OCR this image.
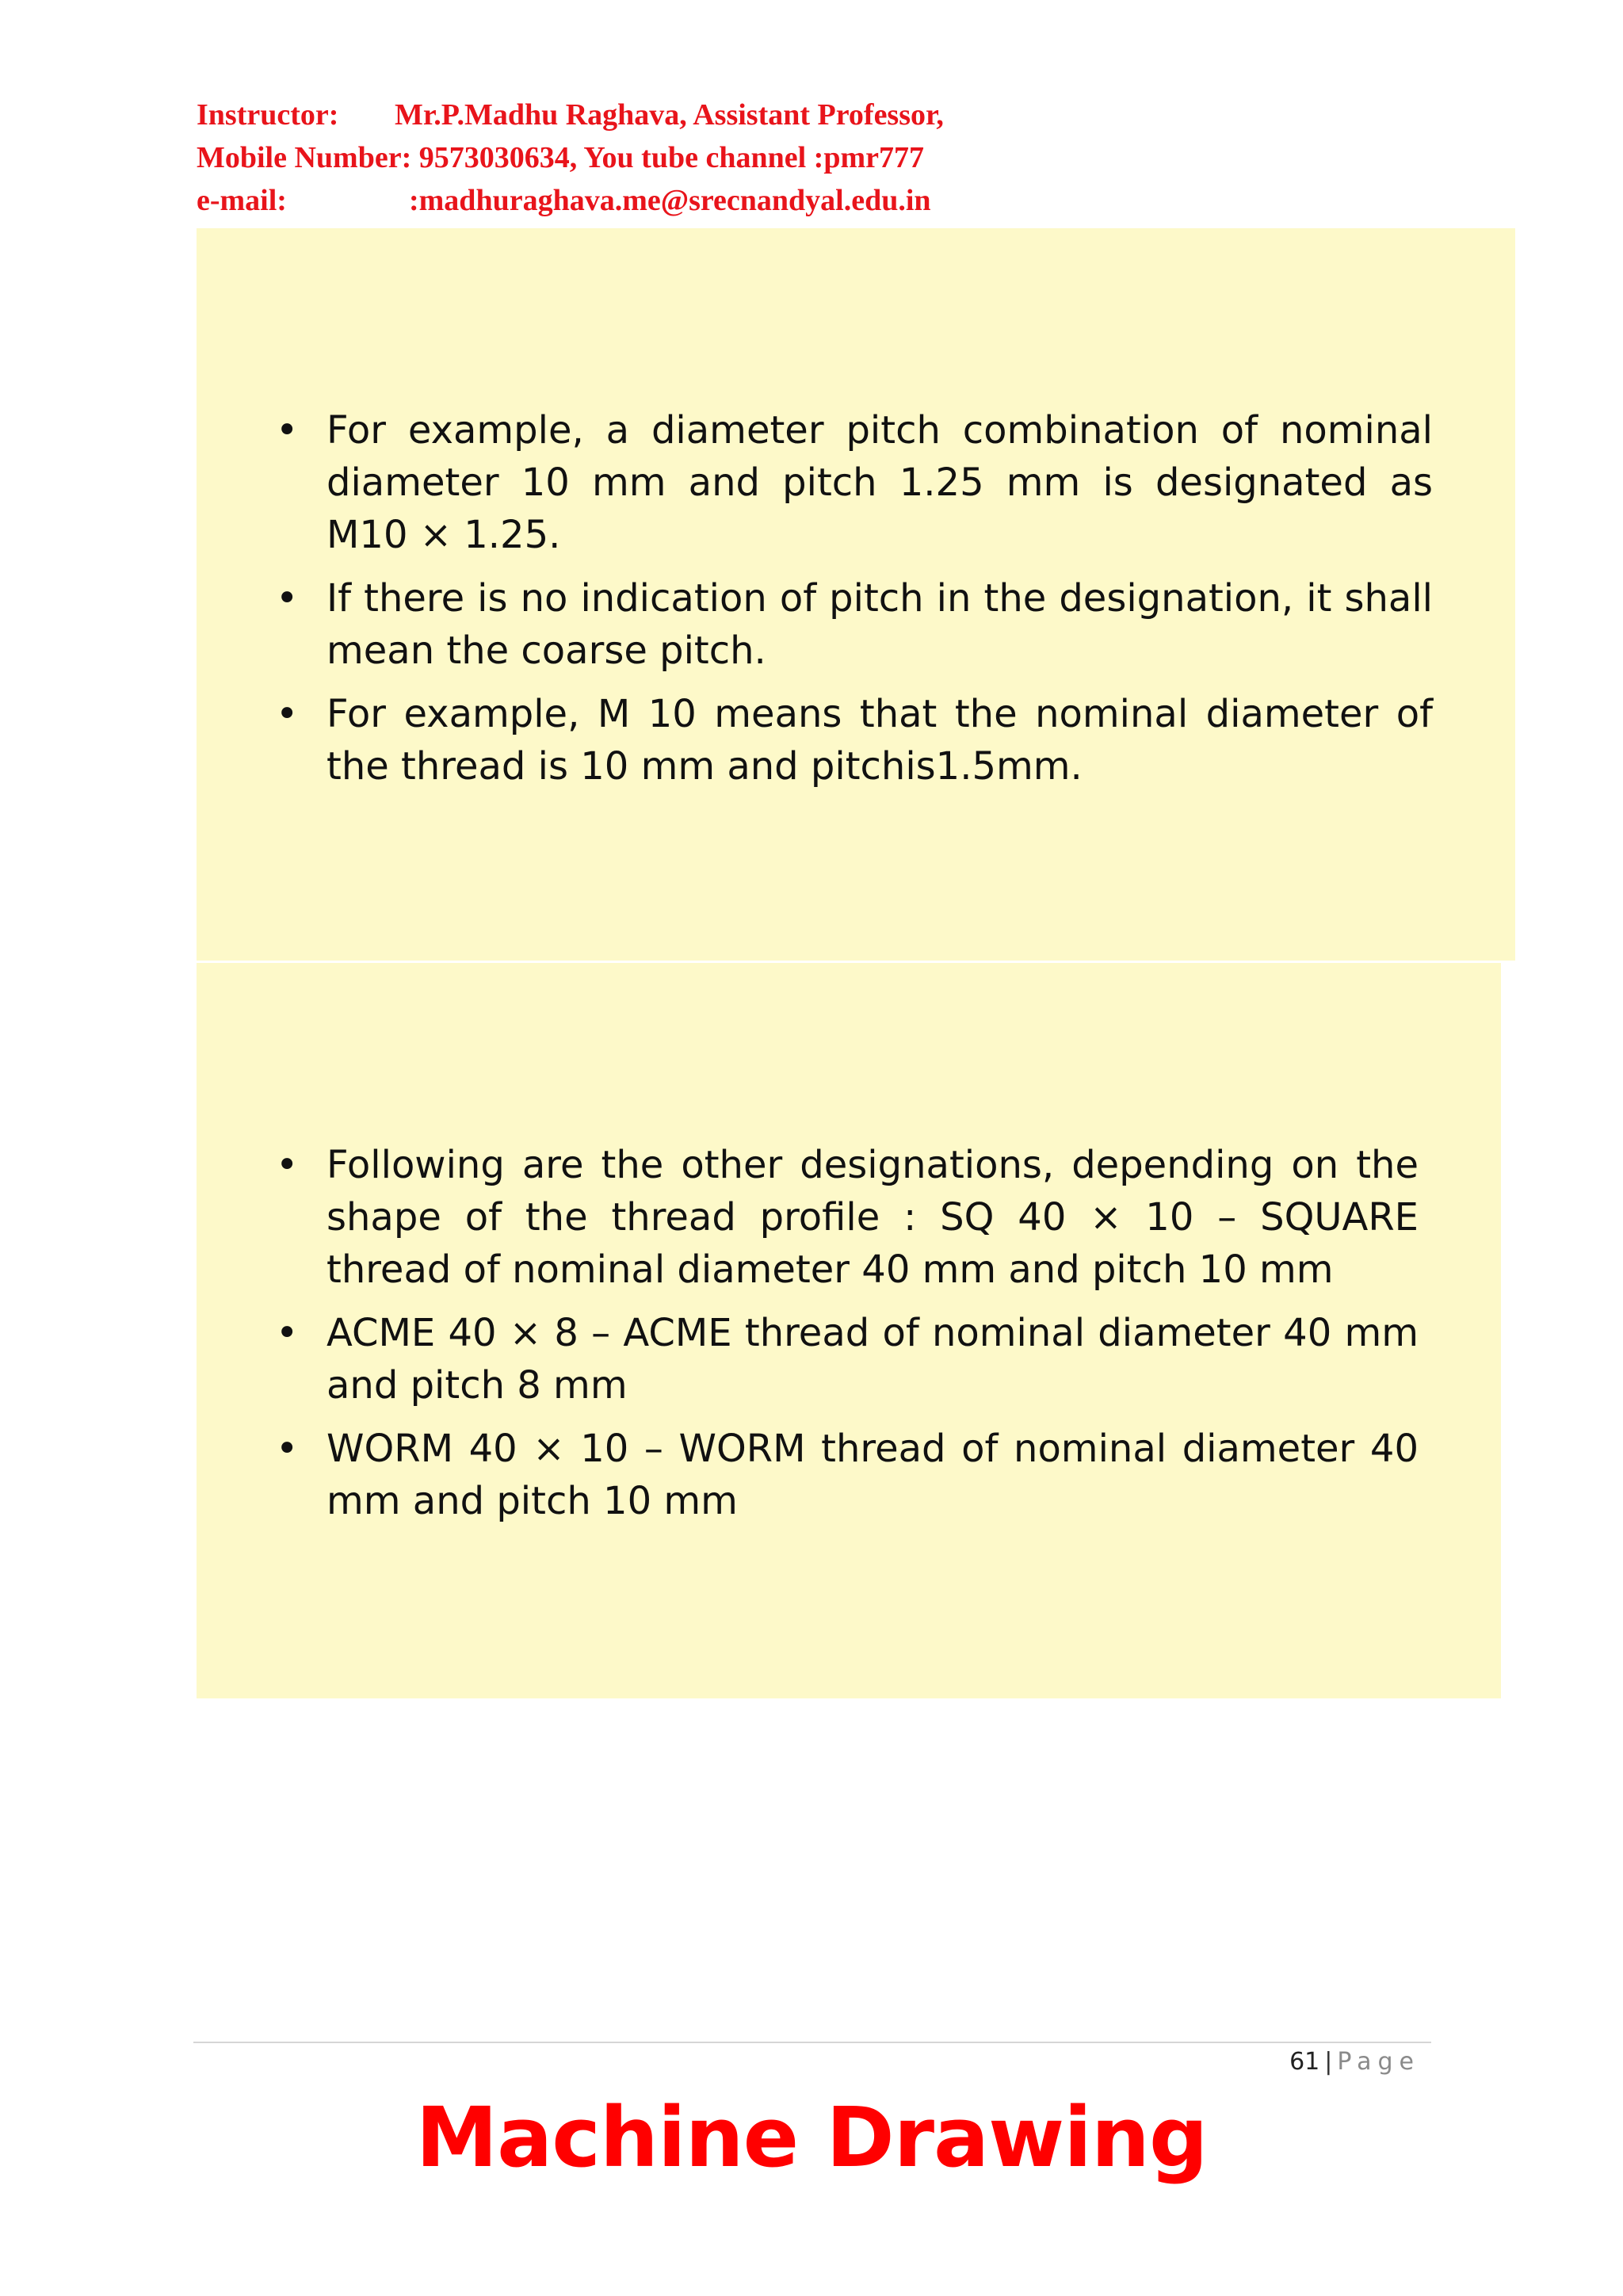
Instructor: Mr.P.Madhu Raghava, Assistant Professor,
Mobile Number: 9573030634, You tube channel :pmr777
e-mail:	:madhuraghava.me@srecnandyal.edu.in
• For example, a diameter pitch combination of nominal diameter 10 mm and pitch 1.25 mm is designated as M10 × 1.25.
• If there is no indication of pitch in the designation, it shall mean the coarse pitch.
• For example, M 10 means that the nominal diameter of the thread is 10 mm and pitchis1.5mm.
• Following are the other designations, depending on the shape of the thread profile : SQ 40 × 10 – SQUARE thread of nominal diameter 40 mm and pitch 10 mm
• ACME 40 × 8 – ACME thread of nominal diameter 40 mm and pitch 8 mm
• WORM 40 × 10 – WORM thread of nominal diameter 40 mm and pitch 10 mm
61 | Page
Machine Drawing
